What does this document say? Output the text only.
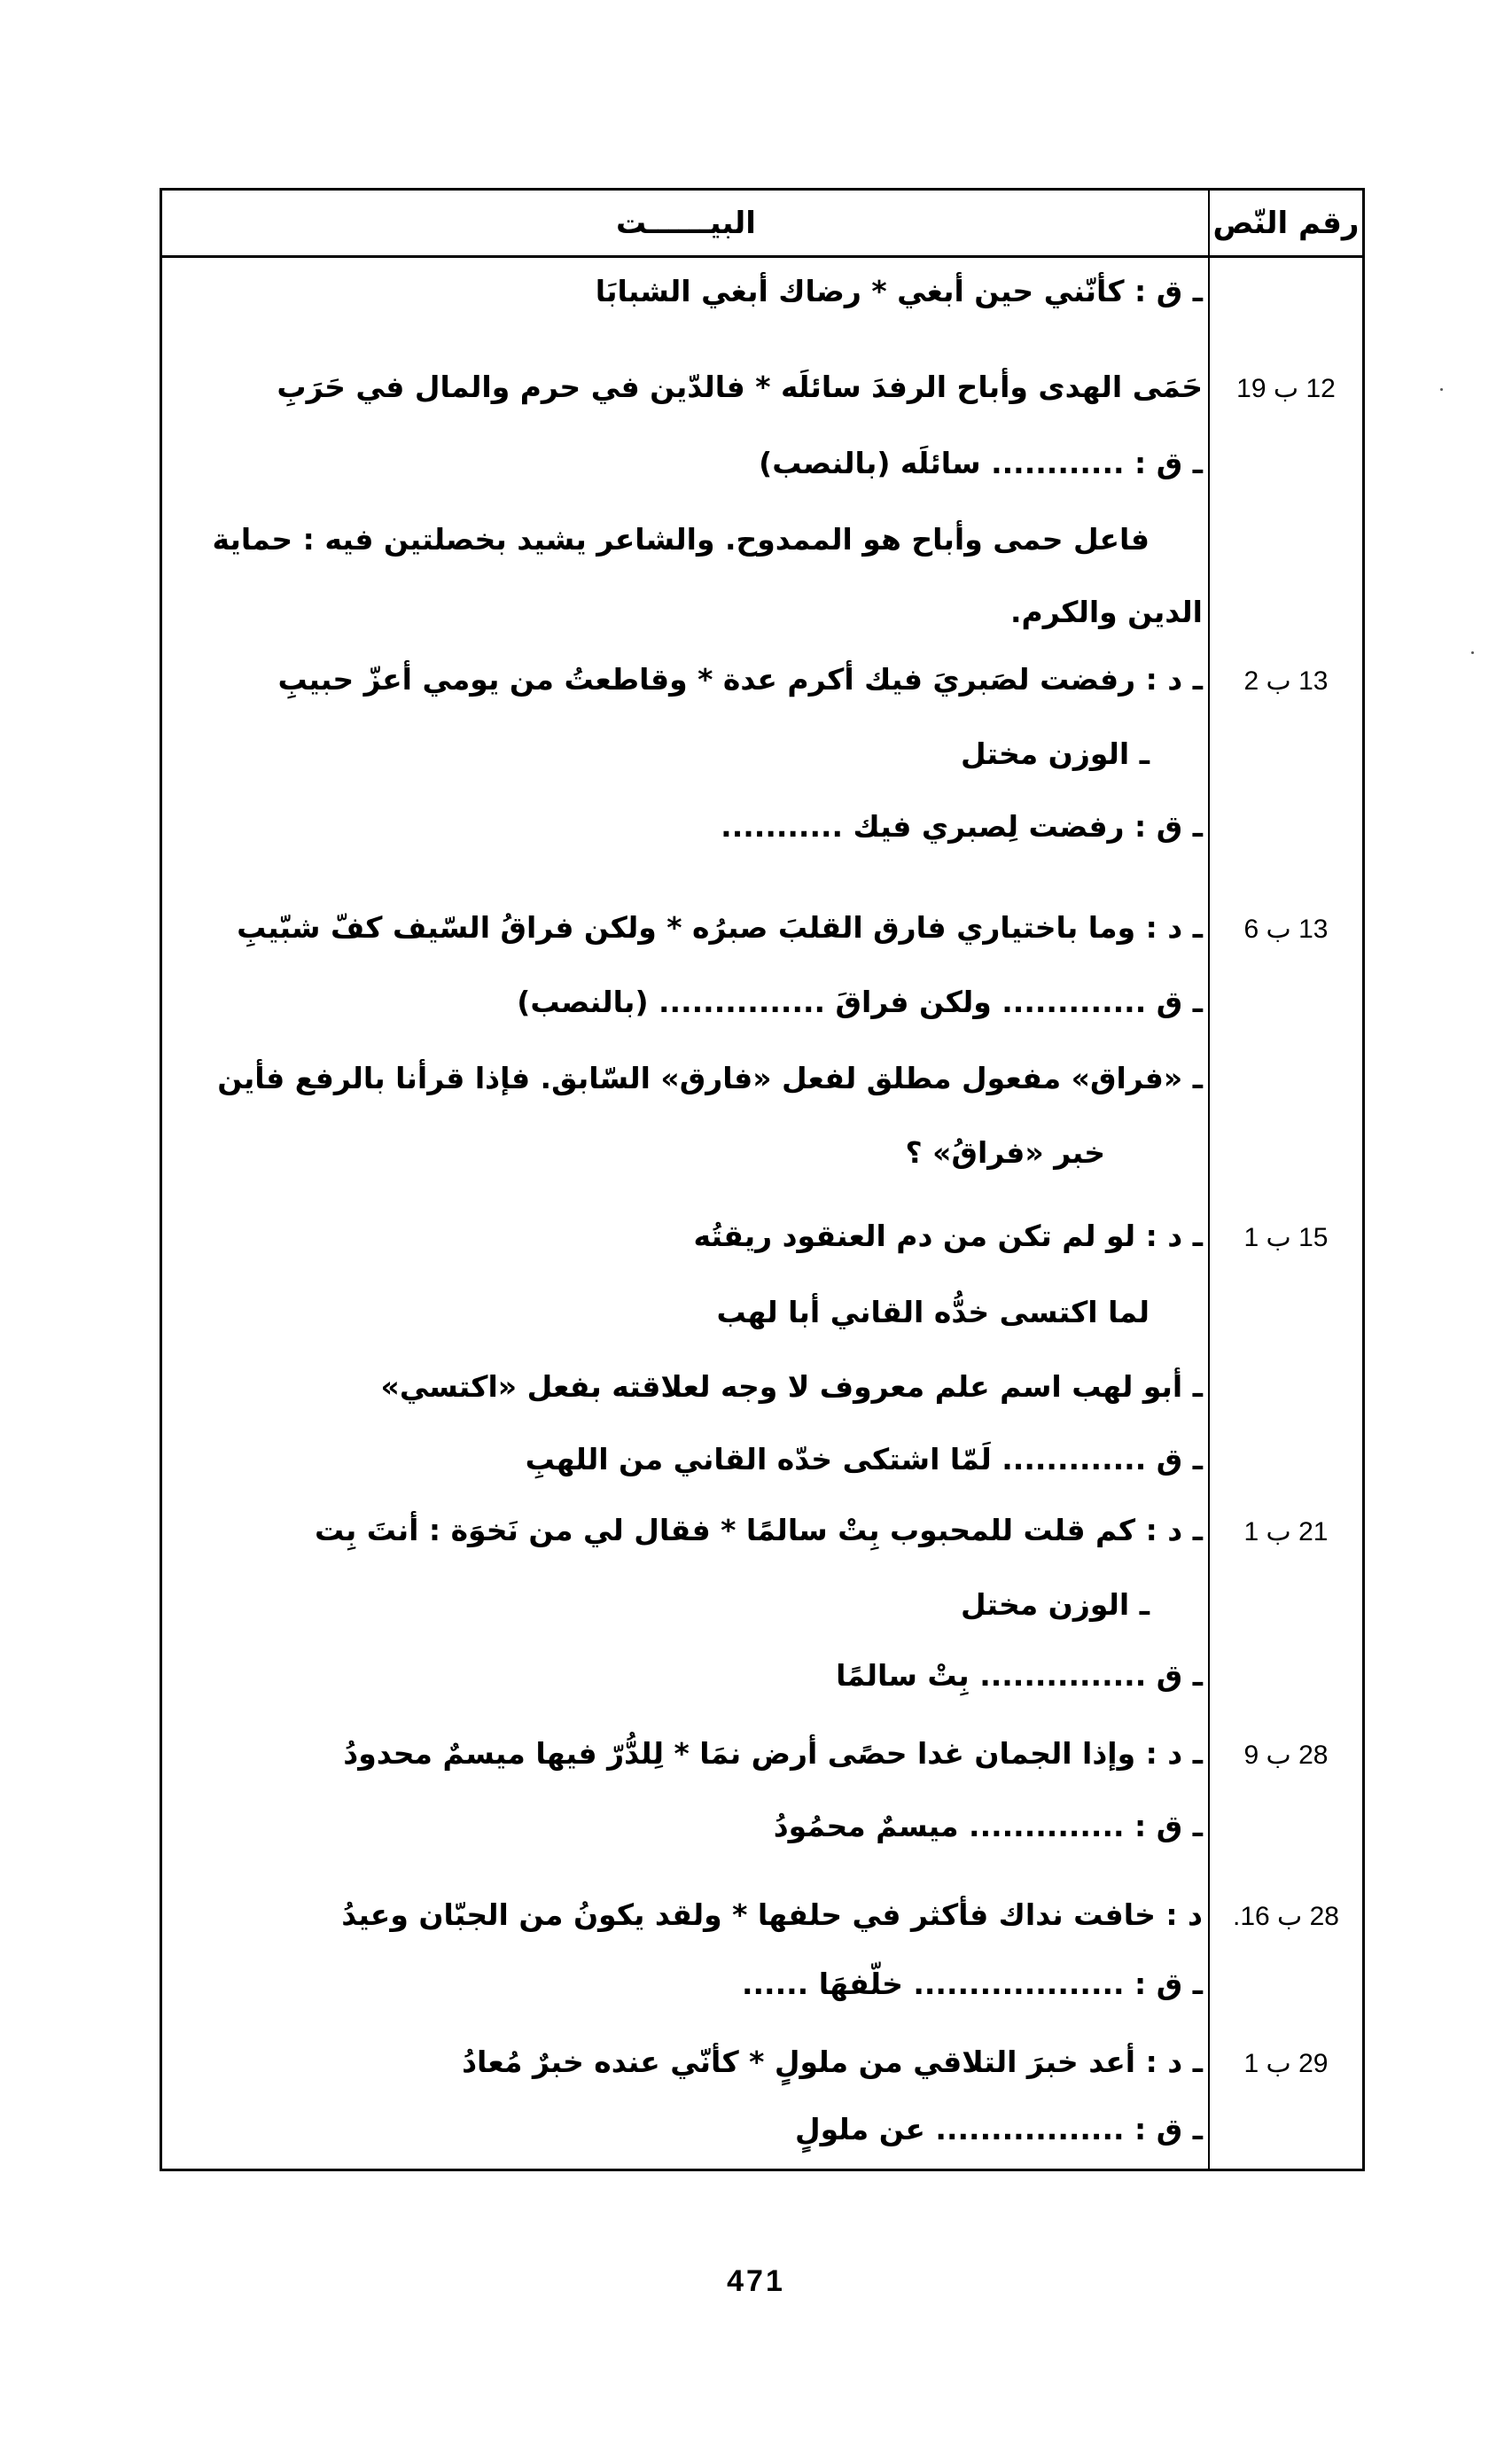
رقم النّص
البيــــــت
ـ ق : كأنّني حين أبغي * رضاك أبغي الشبابَا
12 ب 19
حَمَى الهدى وأباح الرفدَ سائلَه * فالدّين في حرم والمال في حَرَبِ
ـ ق : ............ سائلَه (بالنصب)
فاعل حمى وأباح هو الممدوح. والشاعر يشيد بخصلتين فيه : حماية
الدين والكرم.
13 ب 2
ـ د : رفضت لصَبريَ فيك أكرم عدة * وقاطعتُ من يومي أعزّ حبيبِ
ـ الوزن مختل
ـ ق : رفضت لِصبري فيك ...........
13 ب 6
ـ د : وما باختياري فارق القلبَ صبرُه * ولكن فراقُ السّيف كفّ شبّيبِ
ـ ق ............. ولكن فراقَ ............... (بالنصب)
ـ «فراق» مفعول مطلق لفعل «فارق» السّابق. فإذا قرأنا بالرفع فأين
خبر «فراقُ» ؟
15 ب 1
ـ د : لو لم تكن من دم العنقود ريقتُه
لما اكتسى خدُّه القاني أبا لهب
ـ أبو لهب اسم علم معروف لا وجه لعلاقته بفعل «اكتسي»
ـ ق ............. لَمّا اشتكى خدّه القاني من اللهبِ
21 ب 1
ـ د : كم قلت للمحبوب بِتْ سالمًا * فقال لي من نَخوَة : أنتَ بِت
ـ الوزن مختل
ـ ق ............... بِتْ سالمًا
28 ب 9
ـ د : وإذا الجمان غدا حصًى أرض نمَا * لِلدُّرّ فيها ميسمٌ محدودُ
ـ ق : .............. ميسمٌ محمُودُ
28 ب 16.
د : خافت نداك فأكثر في حلفها * ولقد يكونُ من الجبّان وعيدُ
ـ ق : ................... خلّفهَا ......
29 ب 1
ـ د : أعد خبرَ التلاقي من ملولٍ * كأنّي عنده خبرٌ مُعادُ
ـ ق : ................. عن ملولٍ
471
